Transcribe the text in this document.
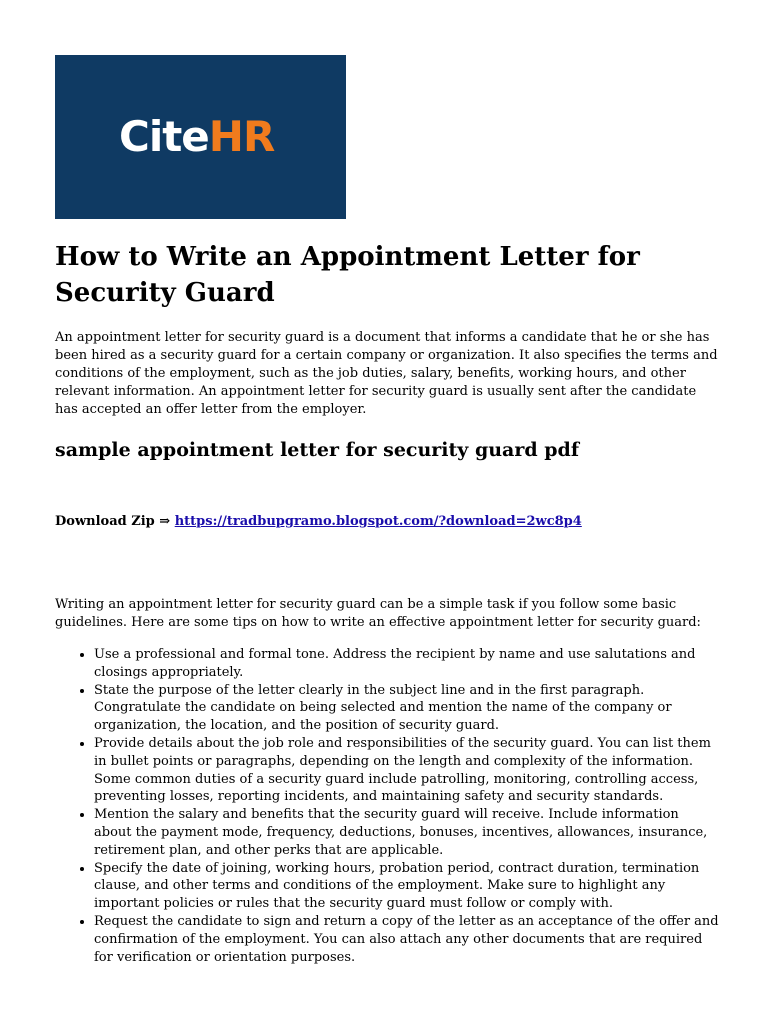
CiteHR
How to Write an Appointment Letter for Security Guard

An appointment letter for security guard is a document that informs a candidate that he or she has been hired as a security guard for a certain company or organization. It also specifies the terms and conditions of the employment, such as the job duties, salary, benefits, working hours, and other relevant information. An appointment letter for security guard is usually sent after the candidate has accepted an offer letter from the employer.

sample appointment letter for security guard pdf
Download Zip ⇒ https://tradbupgramo.blogspot.com/?download=2wc8p4

Writing an appointment letter for security guard can be a simple task if you follow some basic guidelines. Here are some tips on how to write an effective appointment letter for security guard:

• Use a professional and formal tone. Address the recipient by name and use salutations and closings appropriately.
• State the purpose of the letter clearly in the subject line and in the first paragraph. Congratulate the candidate on being selected and mention the name of the company or organization, the location, and the position of security guard.
• Provide details about the job role and responsibilities of the security guard. You can list them in bullet points or paragraphs, depending on the length and complexity of the information. Some common duties of a security guard include patrolling, monitoring, controlling access, preventing losses, reporting incidents, and maintaining safety and security standards.
• Mention the salary and benefits that the security guard will receive. Include information about the payment mode, frequency, deductions, bonuses, incentives, allowances, insurance, retirement plan, and other perks that are applicable.
• Specify the date of joining, working hours, probation period, contract duration, termination clause, and other terms and conditions of the employment. Make sure to highlight any important policies or rules that the security guard must follow or comply with.
• Request the candidate to sign and return a copy of the letter as an acceptance of the offer and confirmation of the employment. You can also attach any other documents that are required for verification or orientation purposes.
